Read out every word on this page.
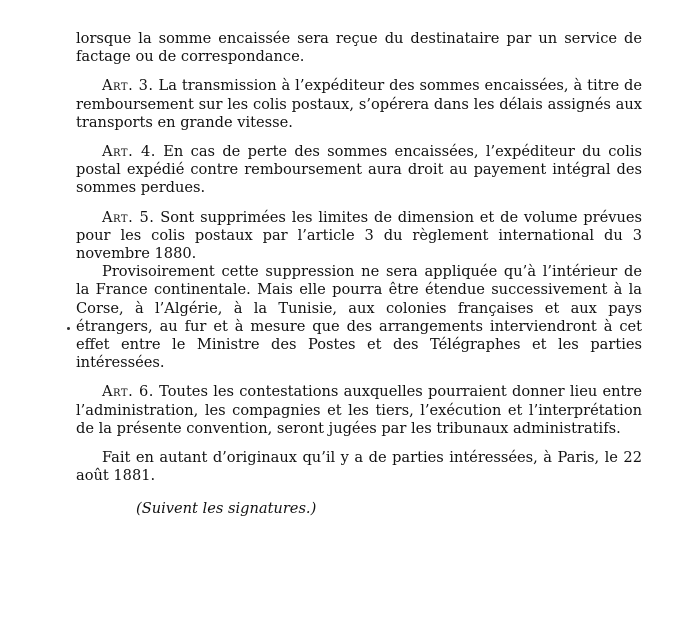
lorsque la somme encaissée sera reçue du destinataire par un service de factage ou de correspondance.

Art. 3. La transmission à l’expéditeur des sommes encaissées, à titre de remboursement sur les colis postaux, s’opérera dans les délais assignés aux transports en grande vitesse.

Art. 4. En cas de perte des sommes encaissées, l’expéditeur du colis postal expédié contre remboursement aura droit au payement intégral des sommes perdues.

Art. 5. Sont supprimées les limites de dimension et de volume prévues pour les colis postaux par l’article 3 du règlement international du 3 novembre 1880.

Provisoirement cette suppression ne sera appliquée qu’à l’intérieur de la France continentale. Mais elle pourra être étendue successivement à la Corse, à l’Algérie, à la Tunisie, aux colonies françaises et aux pays étrangers, au fur et à mesure que des arrangements interviendront à cet effet entre le Ministre des Postes et des Télégraphes et les parties intéressées.

Art. 6. Toutes les contestations auxquelles pourraient donner lieu entre l’administration, les compagnies et les tiers, l’exécution et l’interprétation de la présente convention, seront jugées par les tribunaux administratifs.

Fait en autant d’originaux qu’il y a de parties intéressées, à Paris, le 22 août 1881.

(Suivent les signatures.)
